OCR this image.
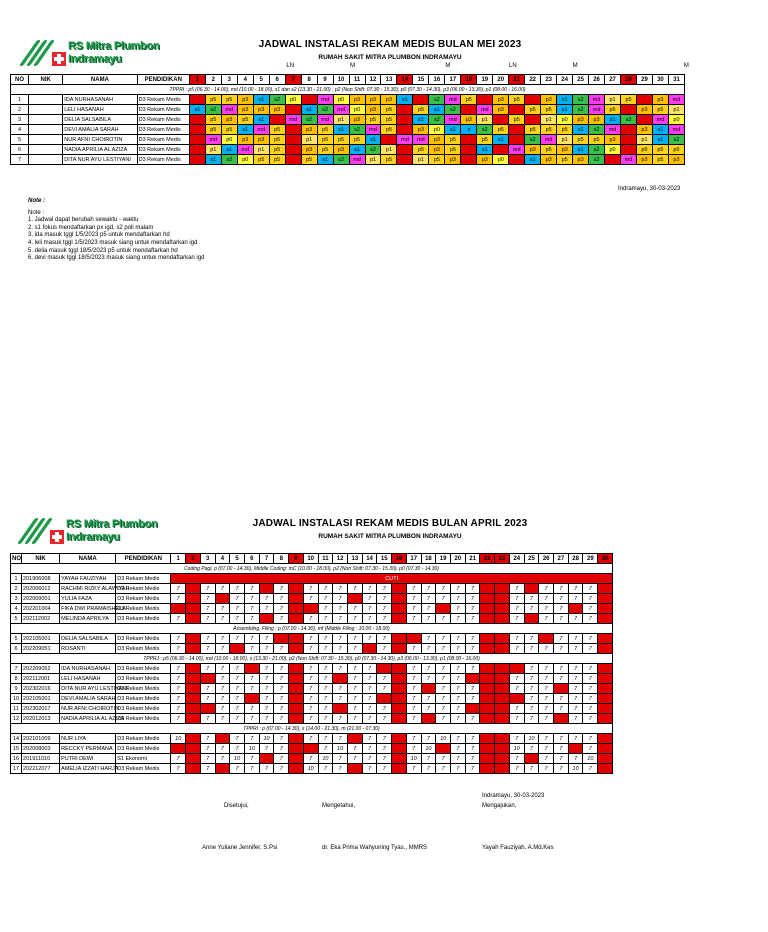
RS Mitra Plumbon
Indramayu
JADWAL INSTALASI REKAM MEDIS BULAN MEI 2023
RUMAH SAKIT MITRA PLUMBON INDRAMAYU
LN	M	M	LN	M	M
NO	NIK	NAMA	PENDIDIKAN	1	2	3	4	5	6	7	8	9	10	11	12	13	14	15	16	17	18	19	20	21	22	23	24	25	26	27	28	29	30	31
TPPRI : p5 (06.30 - 14.00), md (10.00 - 18.00), s1 dan s2 (13.30 - 21.00) , p2 (Non Shift: 07.30 - 15.30), p0 (07.30 - 14.30), p3 (06.00 - 13.30), p1 (08.00 - 16.00)																																		
1		IDA NURHASANAH	D3 Rekam Medis		p5	p5	p3	s1	s2	p0		md	p0	p3	p3	p3	s1		s2	md	p5		p3	p5		p3	s1	s2	md	p1	p5		p3	md
2		LELI HASANAH	D3 Rekam Medis	s1	s2	md	p3	p3	p3		s1	s2	md	p0	p3	p5		p5	s1	s2		md	p3		p5	p5	s1	s2	md	p5		p3	p5	p1
3		DELIA SALSABILA	D3 Rekam Medis		p5	p3	p5	s1		md	s2	md	p1	p3	p5	p5		s1	s2	md	p3	p1		p5		p1	p0	p3	p3	s1	s2		md	p0
4		DEVI AMALIA SARAH	D3 Rekam Medis		p5	p5	s1	md	p5		p3	p5	s1	s2	md	p5		p3	p0	s1	s	s2	p5		p5	p5	p5	s1	s2	md		p3	s1	md
5		NUR AFNI CHOIROTIN	D3 Rekam Medis		md	p0	p3	p3	p5		p1	p5	p5	p5	s1		md	md	p3	p5		p5	s1		s2	md	p1	p5	p5	p3		p1	s1	s2
6		NADIA APRILIA AL AZIZA	D3 Rekam Medis		p1	s1	md	p1	p5		p3	p5	p3	s1	s2	p1		p5	p3	p5		s1		md	p3	p5	p3	s1	s2	p0		p5	p5	p5
7		DITA NUR AYU LESTIYANI	D3 Rekam Medis		s1	s2	p0	p5	p5		p5	s1	s2	md	p1	p5		p1	p5	p3		p3	p0		s1	p3	p5	p3	s2		md	p3	p5	p3
Indramayu, 30-03-2023
Note :
Note :
1. Jadwal dapat berubah sewaktu - waktu
2. s1 fokus mendaftarkan px igd, s2 poli malam
3. ida masuk tggl 1/5/2023 p5 untuk mendaftarkan hd
4. leli masuk tggl 1/5/2023 masuk siang untuk mendaftarkan igd
5. delia masuk tggl 18/5/2023 p5 untuk mendaftarkan hd
6. devi masuk tggl 18/5/2023 masuk siang untuk mendaftarkan igd
RS Mitra Plumbon
Indramayu
JADWAL INSTALASI REKAM MEDIS BULAN APRIL 2023
RUMAH SAKIT MITRA PLUMBON INDRAMAYU
NO	NIK	NAMA	PENDIDIKAN	1	2	3	4	5	6	7	8	9	10	11	12	13	14	15	16	17	18	19	20	21	22	23	24	25	26	27	28	29	30
Coding Pagi, p (07.00 - 14.30), Middle Coding: mC (10.00 - 18.00), p2 (Non Shift: 07.30 - 15.30), p0 (07.30 - 14.30)																																	
1	201906008	YAYAH FAUZIYAH	D3 Rekam Medis	CUTI																													
2	202006012	RACHMI RIZKY ALAWIYAH	D3 Rekam Medis	7		7	7	7	7		7		7	7	7	7	7	7		7	7	7	7	7			7		7	7	7	7	
3	202009001	YULIA FAZA	D3 Rekam Medis	7		7		7	7	7	7		7	7	7		7	7		7	7	7	7	7			7	7	7	7	7	7	
4	202201004	FIKA DWI PRAMAISHELA	D3 Rekam Medis			7	7	7	7	7	7			7	7	7	7	7		7	7		7	7			7	7	7	7		7	
5	202112002	MELINDA APRILYA	D3 Rekam Medis	7		7	7	7	7		7		7	7	7	7	7	7		7	7	7	7	7			7		7	7	7	7	
Assembling, Filing : p (07.00 - 14.30), mf (Middle Filing : 10.00 - 18.00)																																	
5	202105001	DELIA SALSABILA	D3 Rekam Medis	7		7	7	7	7	7			7	7	7	7	7	7			7	7	7	7			7	7		7	7	7	
6	202209051	ROSANTI	D3 Rekam Medis	7		7	7		7	7	7		7	7	7	7		7		7	7	7	7	7			7	7	7	7	7	7	
TPPRJ : p5 (06.30 - 14.00), md (10.00 - 18.00), s (13.30 - 21.00), p2 (Non Shift: 07.30 - 15.30), p0 (07.30 - 14.30), p3 (06.00 - 13.30), p1 (08.00 - 16.00)																																	
7	202209052	IDA NURHASANAH	D3 Rekam Medis	7		7	7	7		7	7		7	7	7	7	7			7	7	7	7	7				7	7	7	7	7	
8	202112001	LELI HASANAH	D3 Rekam Medis	7			7	7	7	7	7		7	7		7	7	7		7	7	7	7				7	7	7	7	7	7	
9	202302016	DITA NUR AYU LESTIYANI	D3 Rekam Medis	7		7	7	7	7	7	7		7	7	7	7	7	7		7		7	7	7			7	7	7		7	7	
10	202105001	DEVI AMALIA SARAH	D3 Rekam Medis	7		7	7	7		7	7		7	7	7	7	7			7	7	7	7	7				7	7	7	7	7	
11	202302017	NUR AFNI CHOIROTIN	D3 Rekam Medis	7			7	7	7	7	7		7	7		7	7	7		7	7	7	7				7	7	7	7	7	7	
12	202012013	NADIA APRILIA AL AZIZA	D3 Rekam Medis	7		7	7	7	7	7	7		7	7	7	7	7	7		7		7	7	7			7	7	7		7	7	
TPPRI : p (07.00 - 14.30), s (14.00 - 21.30), m (21.00 - 07.30)																																	
14	202101009	NUR LIYA	D3 Rekam Medis	10		7		7	7	10	7		7	7	7		7	7		7	7	10	7	7			7	10	7	7	7	7	
15	202008003	RECCKY PERMANA	D3 Rekam Medis			7	7	7	10	7	7			7	10	7	7	7		7	10		7	7			10	7	7	7		7	
16	201911010	PUTRI DEWI	S1 Ekonomi	7		7	7	10	7		7		7	10	7	7	7	7		10	7	7	7	7			7		7	7	7	10	
17	202212077	AMELIA IZZATI HARJA	D3 Rekam Medis	7		7		7	7	7	7		10	7	7		7	7		7	7	7	7	7			7	7	7	7	10	7	
Indramayu, 30-03-2023
Disetujui,	Mengetahui,	Mengajukan,
Anne Yuliane Jennifer, S.Psi	dr. Eka Prima Wahyuning Tyas., MMRS	Yayah Fauziyah, A.Md.Kes
